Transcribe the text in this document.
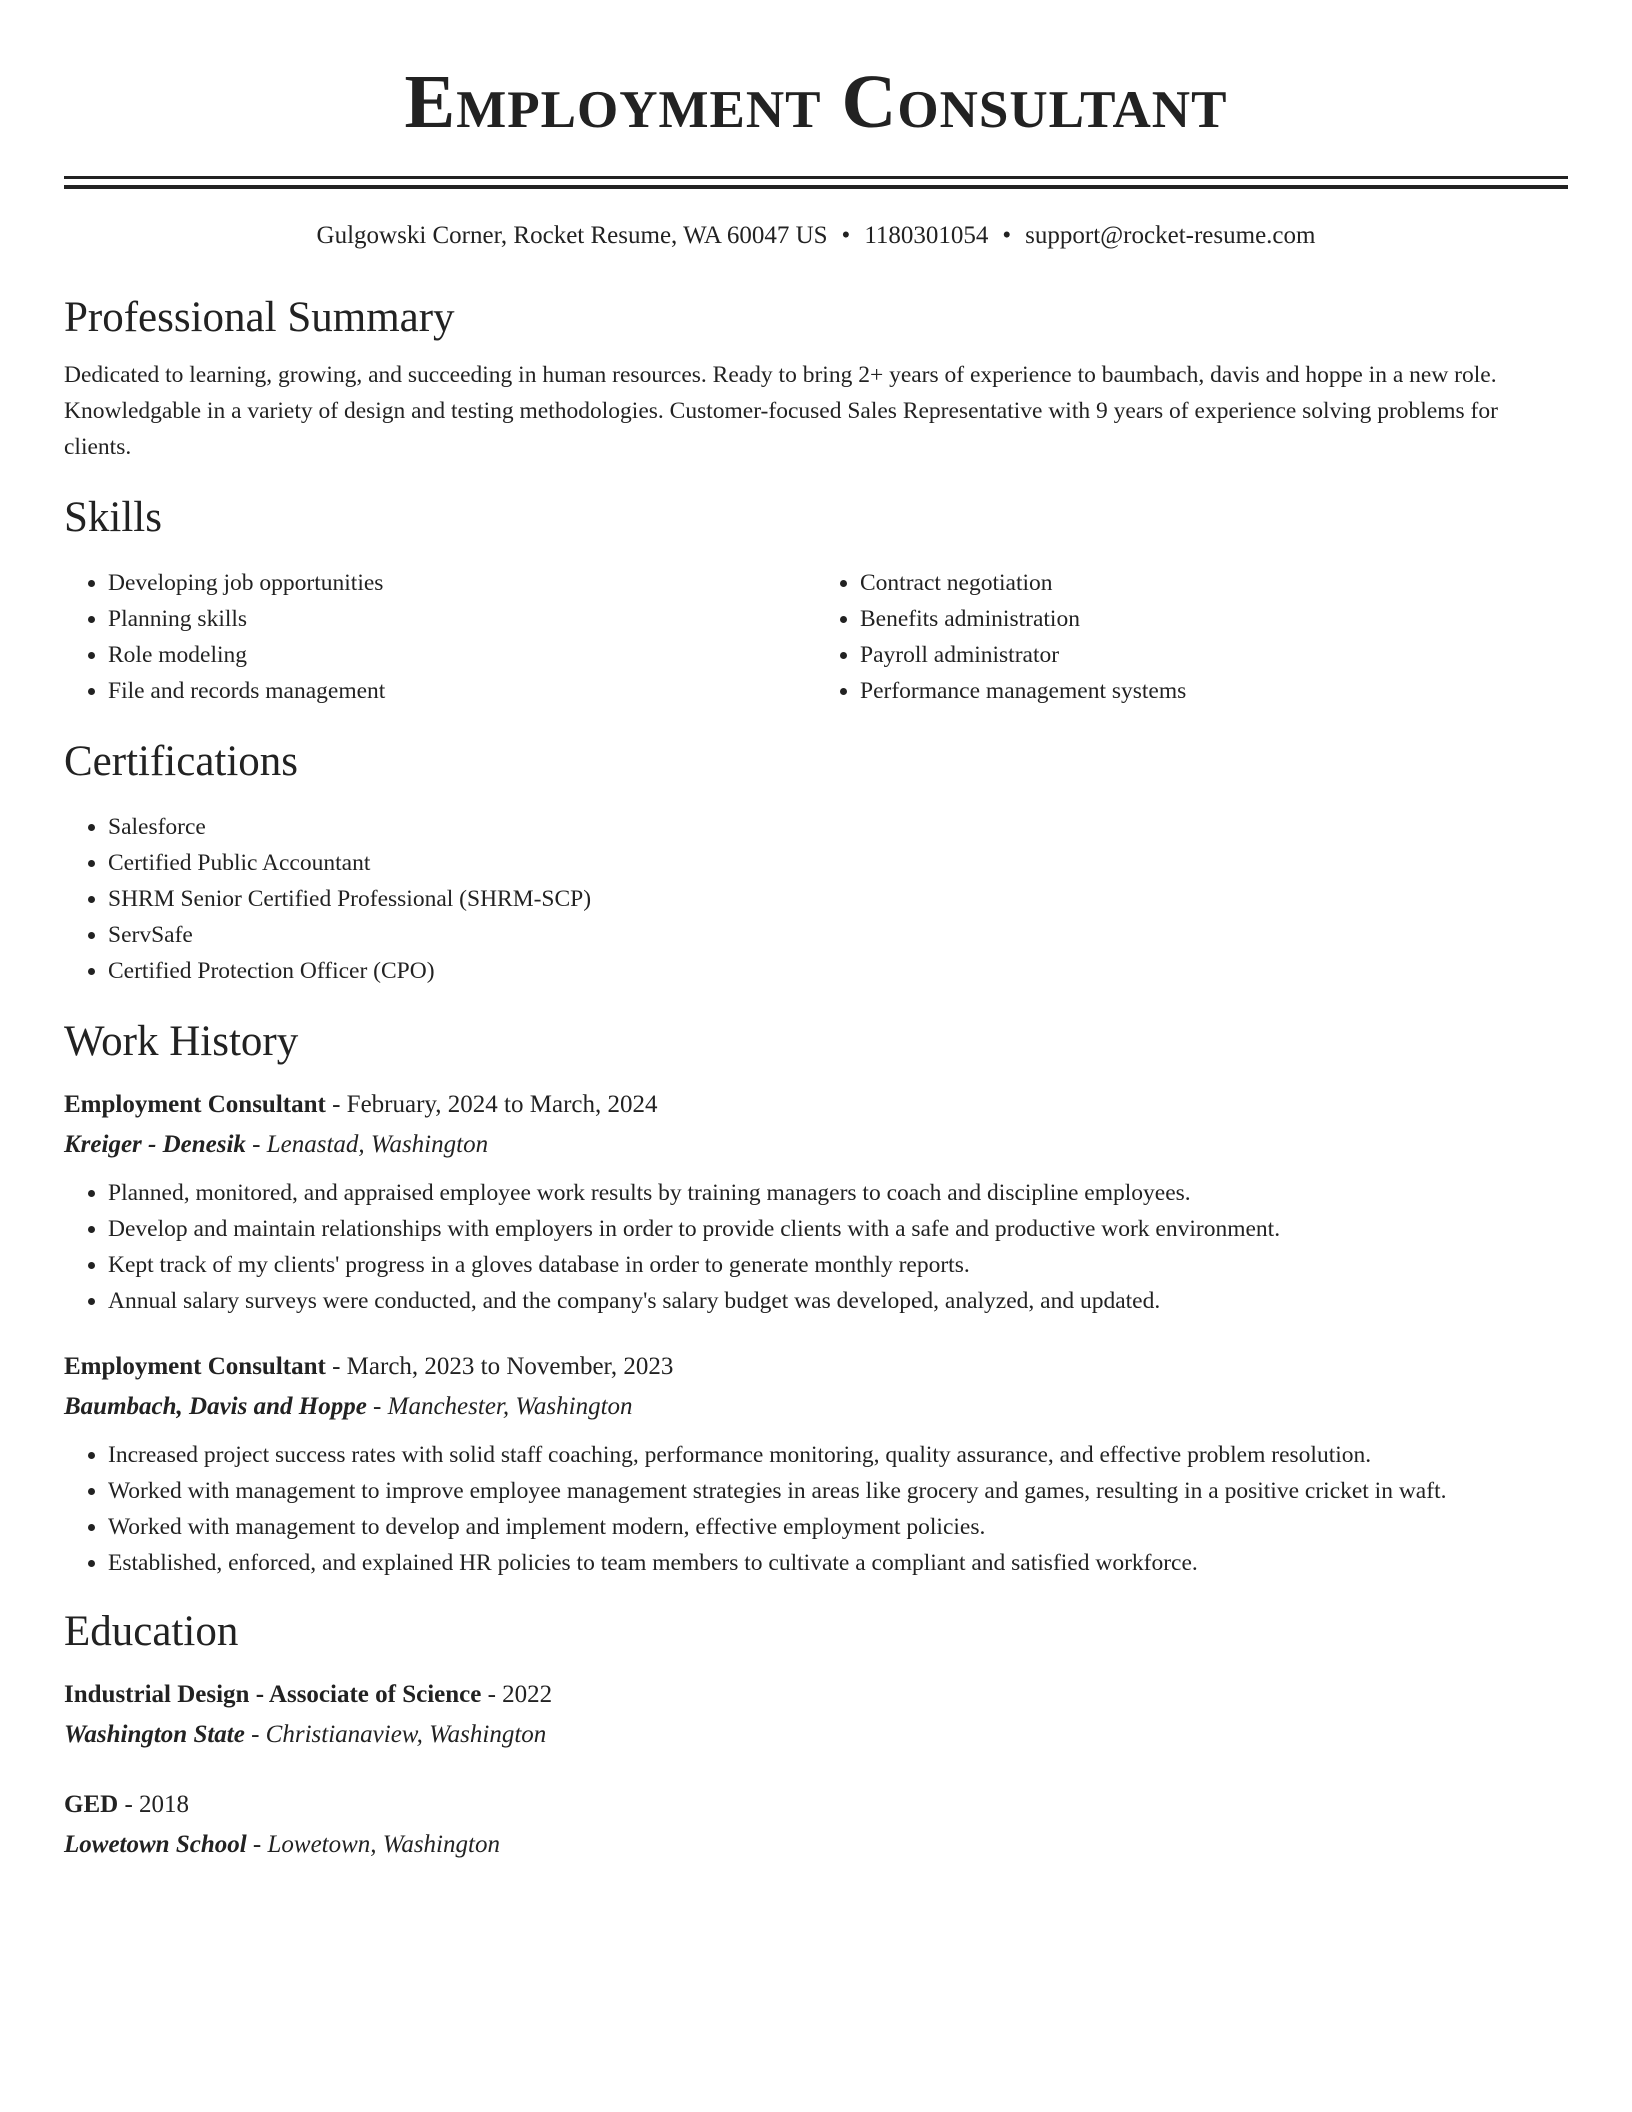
Employment Consultant
Gulgowski Corner, Rocket Resume, WA 60047 US • 1180301054 • support@rocket-resume.com
Professional Summary

Dedicated to learning, growing, and succeeding in human resources. Ready to bring 2+ years of experience to baumbach, davis and hoppe in a new role. Knowledgable in a variety of design and testing methodologies. Customer-focused Sales Representative with 9 years of experience solving problems for clients.

Skills
• Developing job opportunities
• Planning skills
• Role modeling
• File and records management
• Contract negotiation
• Benefits administration
• Payroll administrator
• Performance management systems
Certifications
• Salesforce
• Certified Public Accountant
• SHRM Senior Certified Professional (SHRM-SCP)
• ServSafe
• Certified Protection Officer (CPO)
Work History
Employment Consultant - February, 2024 to March, 2024
Kreiger - Denesik - Lenastad, Washington
• Planned, monitored, and appraised employee work results by training managers to coach and discipline employees.
• Develop and maintain relationships with employers in order to provide clients with a safe and productive work environment.
• Kept track of my clients' progress in a gloves database in order to generate monthly reports.
• Annual salary surveys were conducted, and the company's salary budget was developed, analyzed, and updated.
Employment Consultant - March, 2023 to November, 2023
Baumbach, Davis and Hoppe - Manchester, Washington
• Increased project success rates with solid staff coaching, performance monitoring, quality assurance, and effective problem resolution.
• Worked with management to improve employee management strategies in areas like grocery and games, resulting in a positive cricket in waft.
• Worked with management to develop and implement modern, effective employment policies.
• Established, enforced, and explained HR policies to team members to cultivate a compliant and satisfied workforce.
Education
Industrial Design - Associate of Science - 2022
Washington State - Christianaview, Washington
GED - 2018
Lowetown School - Lowetown, Washington
